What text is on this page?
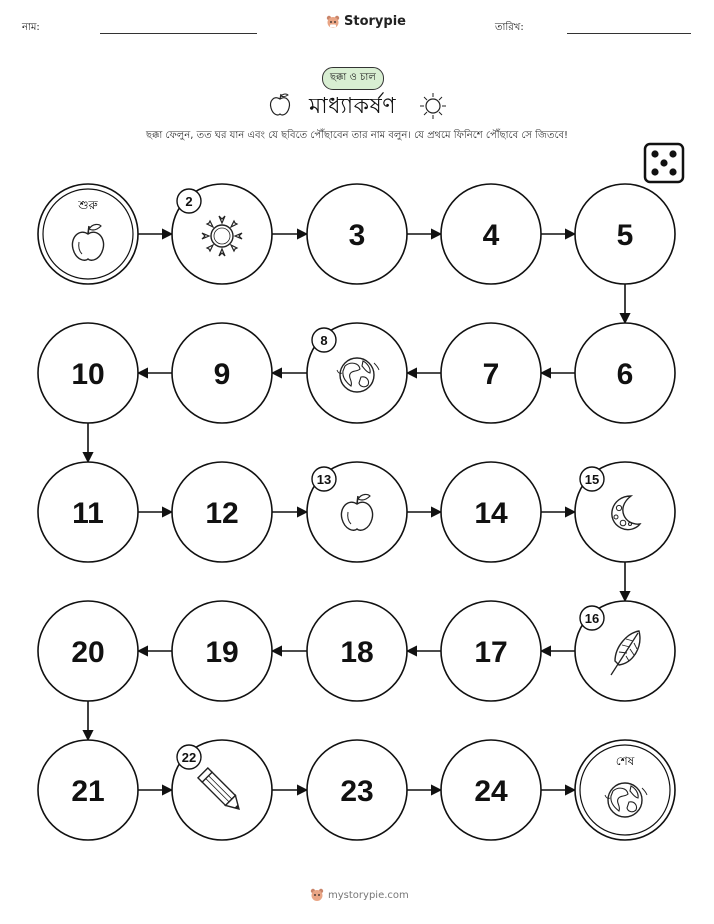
নাম:	Storypie	তারিখ:
ছক্কা ও চাল
মাধ্যাকর্ষণ
ছক্কা ফেলুন, তত ঘর যান এবং যে ছবিতে পৌঁছাবেন তার নাম বলুন। যে প্রথমে ফিনিশে পৌঁছাবে সে জিতবে!
শুরু	2
3	4	5
6
7
8
9
10
11	12
13
14
15
16
17
18
19
20
21
22
23	24
শেষ
mystorypie.com
